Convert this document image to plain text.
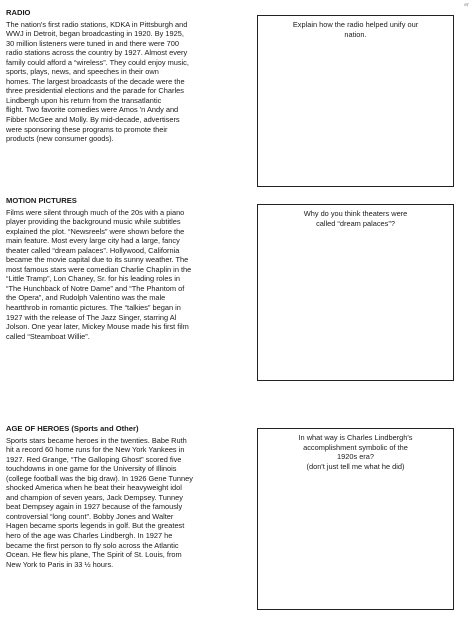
ar
RADIO
The nation's first radio stations, KDKA in Pittsburgh and
WWJ in Detroit, began broadcasting in 1920. By 1925,
30 million listeners were tuned in and there were 700
radio stations across the country by 1927. Almost every
family could afford a “wireless”. They could enjoy music,
sports, plays, news, and speeches in their own
homes. The largest broadcasts of the decade were the
three presidential elections and the parade for Charles
Lindbergh upon his return from the transatlantic
flight. Two favorite comedies were Amos 'n Andy and
Fibber McGee and Molly. By mid-decade, advertisers
were sponsoring these programs to promote their
products (new consumer goods).
Explain how the radio helped unify our
nation.
MOTION PICTURES
Films were silent through much of the 20s with a piano
player providing the background music while subtitles
explained the plot. “Newsreels” were shown before the
main feature. Most every large city had a large, fancy
theater called “dream palaces”. Hollywood, California
became the movie capital due to its sunny weather. The
most famous stars were comedian Charlie Chaplin in the
“Little Tramp”, Lon Chaney, Sr. for his leading roles in
“The Hunchback of Notre Dame” and “The Phantom of
the Opera”, and Rudolph Valentino was the male
heartthrob in romantic pictures. The “talkies” began in
1927 with the release of The Jazz Singer, starring Al
Jolson. One year later, Mickey Mouse made his first film
called “Steamboat Willie”.
Why do you think theaters were
called “dream palaces”?
AGE OF HEROES (Sports and Other)
Sports stars became heroes in the twenties. Babe Ruth
hit a record 60 home runs for the New York Yankees in
1927. Red Grange, “The Galloping Ghost” scored five
touchdowns in one game for the University of Illinois
(college football was the big draw). In 1926 Gene Tunney
shocked America when he beat their heavyweight idol
and champion of seven years, Jack Dempsey. Tunney
beat Dempsey again in 1927 because of the famously
controversial “long count”. Bobby Jones and Walter
Hagen became sports legends in golf. But the greatest
hero of the age was Charles Lindbergh. In 1927 he
became the first person to fly solo across the Atlantic
Ocean. He flew his plane, The Spirit of St. Louis, from
New York to Paris in 33 ½ hours.
In what way is Charles Lindbergh's
accomplishment symbolic of the
1920s era?
(don't just tell me what he did)
